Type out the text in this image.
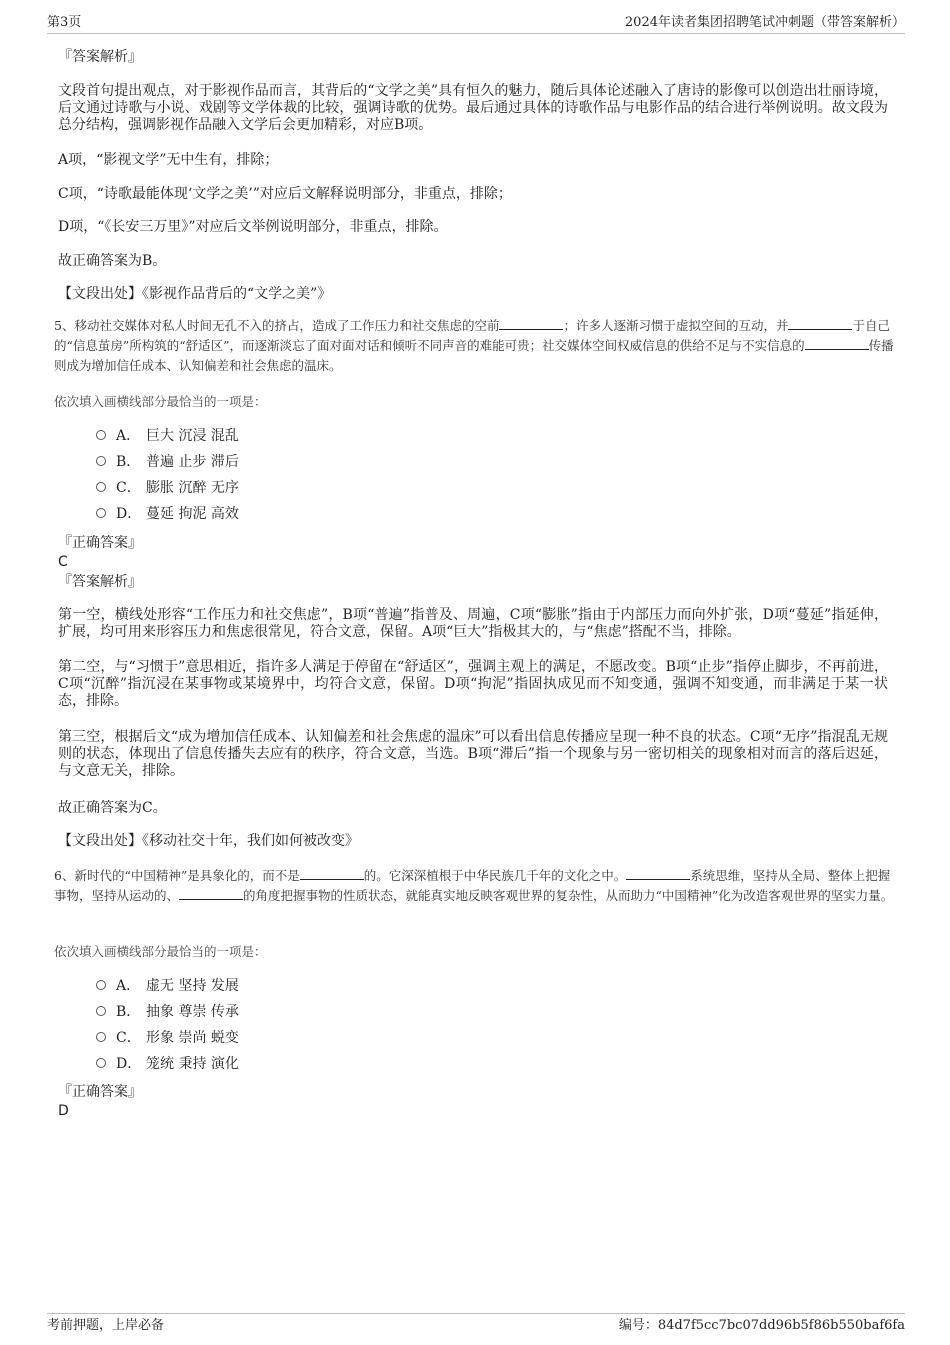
第3页	2024年读者集团招聘笔试冲刺题（带答案解析）
『答案解析』
文段首句提出观点，对于影视作品而言，其背后的“文学之美”具有恒久的魅力，随后具体论述融入了唐诗的影像可以创造出壮丽诗境，后文通过诗歌与小说、戏剧等文学体裁的比较，强调诗歌的优势。最后通过具体的诗歌作品与电影作品的结合进行举例说明。故文段为总分结构，强调影视作品融入文学后会更加精彩，对应B项。
A项，“影视文学”无中生有，排除；
C项，“诗歌最能体现‘文学之美’”对应后文解释说明部分，非重点，排除；
D项，“《长安三万里》”对应后文举例说明部分，非重点，排除。
故正确答案为B。
【文段出处】《影视作品背后的“文学之美”》
5、移动社交媒体对私人时间无孔不入的挤占，造成了工作压力和社交焦虑的空前	；许多人逐渐习惯于虚拟空间的互动，并	于自己的“信息茧房”所构筑的“舒适区”，而逐渐淡忘了面对面对话和倾听不同声音的难能可贵；社交媒体空间权威信息的供给不足与不实信息的	传播则成为增加信任成本、认知偏差和社会焦虑的温床。
依次填入画横线部分最恰当的一项是：
A． 巨大 沉浸 混乱
B． 普遍 止步 滞后
C． 膨胀 沉醉 无序
D． 蔓延 拘泥 高效
『正确答案』
C
『答案解析』
第一空，横线处形容“工作压力和社交焦虑”，B项“普遍”指普及、周遍，C项“膨胀”指由于内部压力而向外扩张，D项“蔓延”指延伸，扩展，均可用来形容压力和焦虑很常见，符合文意，保留。A项“巨大”指极其大的，与“焦虑”搭配不当，排除。
第二空，与“习惯于”意思相近，指许多人满足于停留在“舒适区”，强调主观上的满足，不愿改变。B项“止步”指停止脚步，不再前进，C项“沉醉”指沉浸在某事物或某境界中，均符合文意，保留。D项“拘泥”指固执成见而不知变通，强调不知变通，而非满足于某一状态，排除。
第三空，根据后文“成为增加信任成本、认知偏差和社会焦虑的温床”可以看出信息传播应呈现一种不良的状态。C项“无序”指混乱无规则的状态，体现出了信息传播失去应有的秩序，符合文意，当选。B项“滞后”指一个现象与另一密切相关的现象相对而言的落后迟延，与文意无关，排除。
故正确答案为C。
【文段出处】《移动社交十年，我们如何被改变》
6、新时代的“中国精神”是具象化的，而不是	的。它深深植根于中华民族几千年的文化之中。	系统思维，坚持从全局、整体上把握事物，坚持从运动的、	的角度把握事物的性质状态，就能真实地反映客观世界的复杂性，从而助力“中国精神”化为改造客观世界的坚实力量。
依次填入画横线部分最恰当的一项是：
A． 虚无 坚持 发展
B． 抽象 尊崇 传承
C． 形象 崇尚 蜕变
D． 笼统 秉持 演化
『正确答案』
D
考前押题，上岸必备	编号：84d7f5cc7bc07dd96b5f86b550baf6fa
